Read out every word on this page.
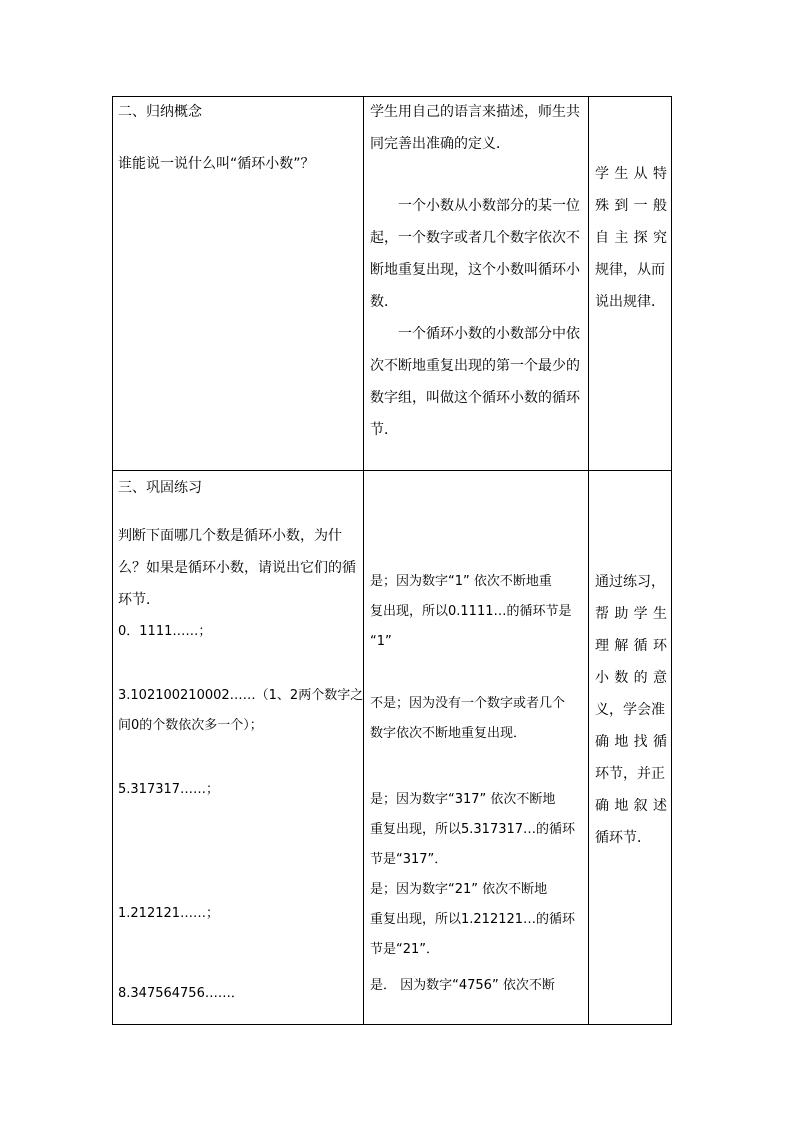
二、归纳概念
谁能说一说什么叫“循环小数”？
学生用自己的语言来描述，师生共
同完善出准确的定义．
一个小数从小数部分的某一位
起，一个数字或者几个数字依次不
断地重复出现，这个小数叫循环小
数．
一个循环小数的小数部分中依
次不断地重复出现的第一个最少的
数字组，叫做这个循环小数的循环
节．
学 生 从 特
殊 到 一 般
自 主 探 究
规律，从而
说出规律．
三、巩固练习
判断下面哪几个数是循环小数，为什
么？如果是循环小数，请说出它们的循
环节．
0．1111……；
3.102100210002……（1、2两个数字之
间0的个数依次多一个）；
5.317317……；
1.212121……；
8.347564756……．
是；因为数字“1” 依次不断地重
复出现，所以0.1111…的循环节是
“1”
不是；因为没有一个数字或者几个
数字依次不断地重复出现．
是；因为数字“317” 依次不断地
重复出现，所以5.317317…的循环
节是“317”．
是；因为数字“21” 依次不断地
重复出现，所以1.212121…的循环
节是“21”．
是． 因为数字“4756” 依次不断
通过练习，
帮 助 学 生
理 解 循 环
小 数 的 意
义，学会准
确 地 找 循
环节，并正
确 地 叙 述
循环节．
